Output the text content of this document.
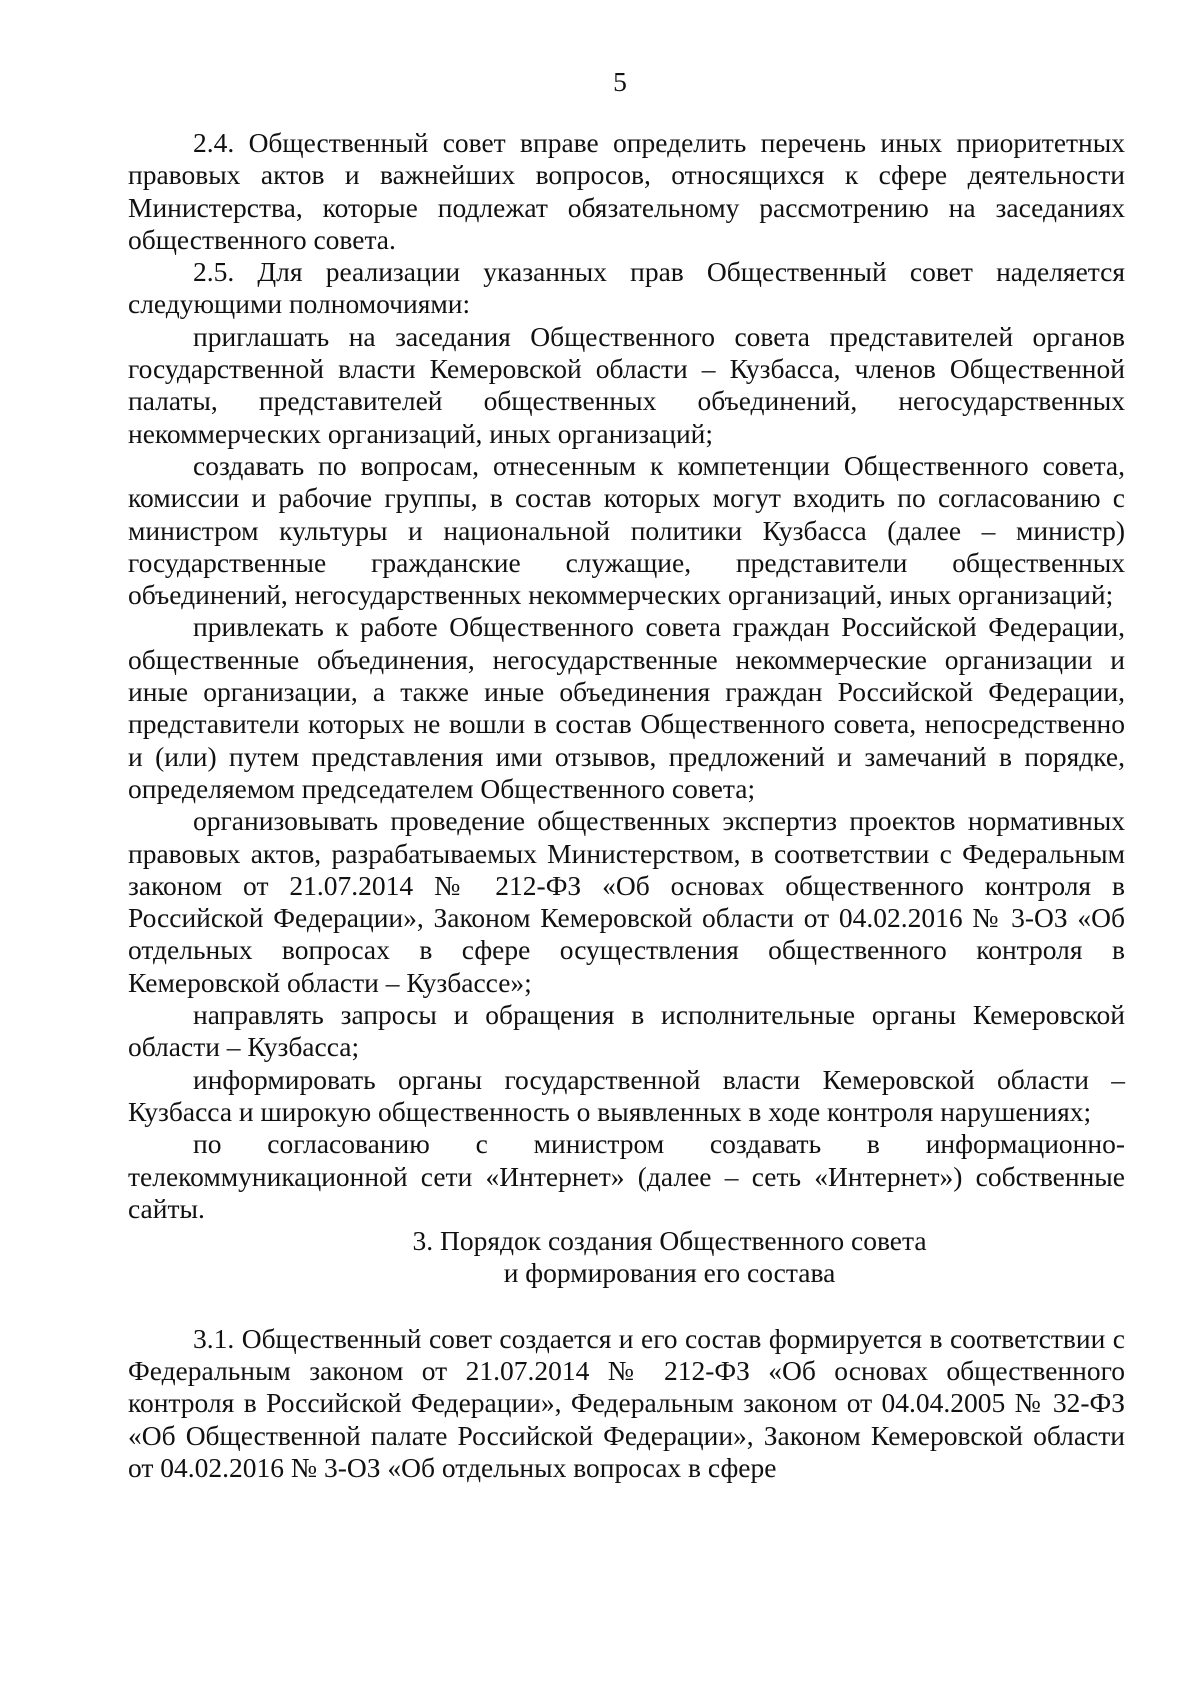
5

2.4. Общественный совет вправе определить перечень иных приоритетных правовых актов и важнейших вопросов, относящихся к сфере деятельности Министерства, которые подлежат обязательному рассмотрению на заседаниях общественного совета.

2.5. Для реализации указанных прав Общественный совет наделяется следующими полномочиями:

приглашать на заседания Общественного совета представителей органов государственной власти Кемеровской области – Кузбасса, членов Общественной палаты, представителей общественных объединений, негосударственных некоммерческих организаций, иных организаций;

создавать по вопросам, отнесенным к компетенции Общественного совета, комиссии и рабочие группы, в состав которых могут входить по согласованию с министром культуры и национальной политики Кузбасса (далее – министр) государственные гражданские служащие, представители общественных объединений, негосударственных некоммерческих организаций, иных организаций;

привлекать к работе Общественного совета граждан Российской Федерации, общественные объединения, негосударственные некоммерческие организации и иные организации, а также иные объединения граждан Российской Федерации, представители которых не вошли в состав Общественного совета, непосредственно и (или) путем представления ими отзывов, предложений и замечаний в порядке, определяемом председателем Общественного совета;

организовывать проведение общественных экспертиз проектов нормативных правовых актов, разрабатываемых Министерством, в соответствии с Федеральным законом от 21.07.2014 № 212-ФЗ «Об основах общественного контроля в Российской Федерации», Законом Кемеровской области от 04.02.2016 № 3-ОЗ «Об отдельных вопросах в сфере осуществления общественного контроля в Кемеровской области – Кузбассе»;

направлять запросы и обращения в исполнительные органы Кемеровской области – Кузбасса;

информировать органы государственной власти Кемеровской области – Кузбасса и широкую общественность о выявленных в ходе контроля нарушениях;

по согласованию с министром создавать в информационно-телекоммуникационной сети «Интернет» (далее – сеть «Интернет») собственные сайты.

3. Порядок создания Общественного совета
и формирования его состава

3.1. Общественный совет создается и его состав формируется в соответствии с Федеральным законом от 21.07.2014 № 212-ФЗ «Об основах общественного контроля в Российской Федерации», Федеральным законом от 04.04.2005 № 32-ФЗ «Об Общественной палате Российской Федерации», Законом Кемеровской области от 04.02.2016 № 3-ОЗ «Об отдельных вопросах в сфере
